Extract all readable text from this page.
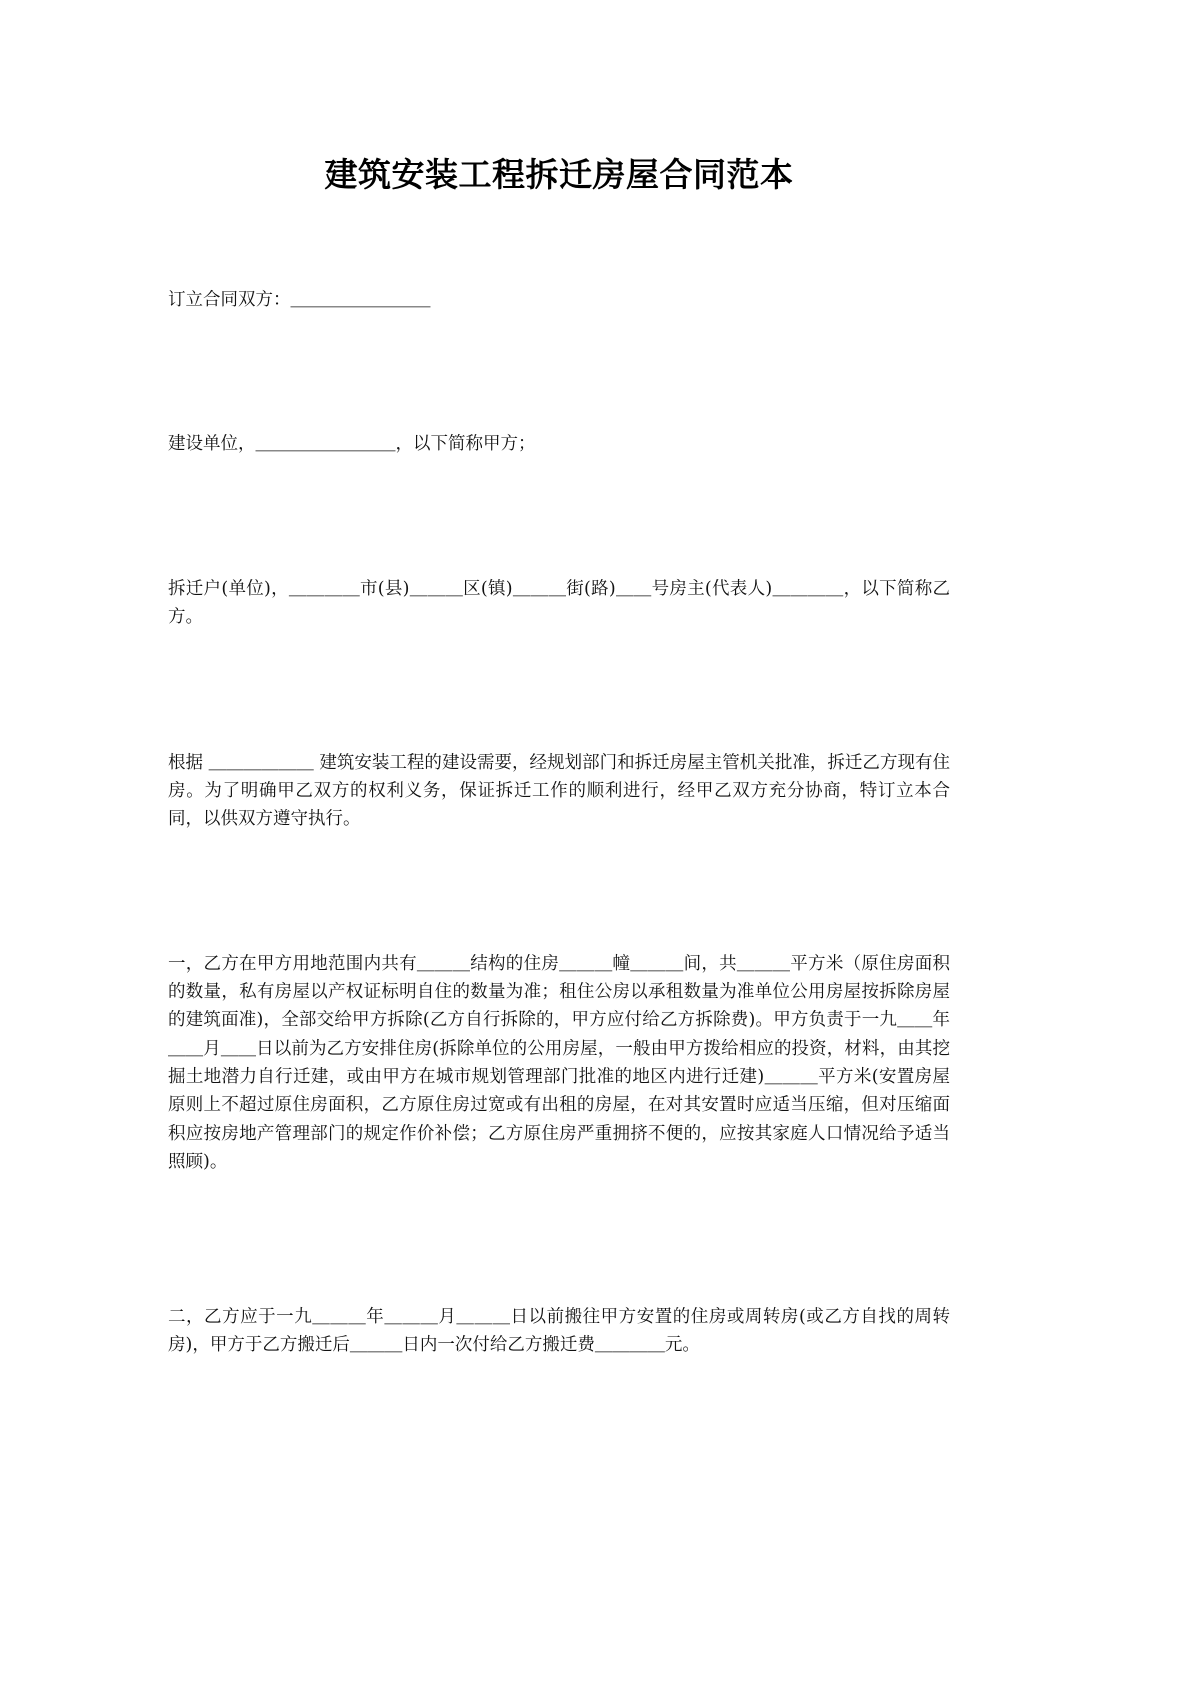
建筑安装工程拆迁房屋合同范本

订立合同双方：＿＿＿＿＿＿＿＿

建设单位，＿＿＿＿＿＿＿＿，以下简称甲方；

拆迁户(单位)，＿＿＿＿市(县)＿＿＿区(镇)＿＿＿街(路)＿＿号房主(代表人)＿＿＿＿，以下简称乙方。

根据 ＿＿＿＿＿＿ 建筑安装工程的建设需要，经规划部门和拆迁房屋主管机关批准，拆迁乙方现有住房。为了明确甲乙双方的权利义务，保证拆迁工作的顺利进行，经甲乙双方充分协商，特订立本合同，以供双方遵守执行。

一，乙方在甲方用地范围内共有＿＿＿结构的住房＿＿＿幢＿＿＿间，共＿＿＿平方米（原住房面积的数量，私有房屋以产权证标明自住的数量为准；租住公房以承租数量为准单位公用房屋按拆除房屋的建筑面准)，全部交给甲方拆除(乙方自行拆除的，甲方应付给乙方拆除费)。甲方负责于一九＿＿年＿＿月＿＿日以前为乙方安排住房(拆除单位的公用房屋，一般由甲方拨给相应的投资，材料，由其挖掘土地潜力自行迁建，或由甲方在城市规划管理部门批准的地区内进行迁建)＿＿＿平方米(安置房屋原则上不超过原住房面积，乙方原住房过宽或有出租的房屋，在对其安置时应适当压缩，但对压缩面积应按房地产管理部门的规定作价补偿；乙方原住房严重拥挤不便的，应按其家庭人口情况给予适当照顾)。

二，乙方应于一九＿＿＿年＿＿＿月＿＿＿日以前搬往甲方安置的住房或周转房(或乙方自找的周转房)，甲方于乙方搬迁后＿＿＿日内一次付给乙方搬迁费＿＿＿＿元。
